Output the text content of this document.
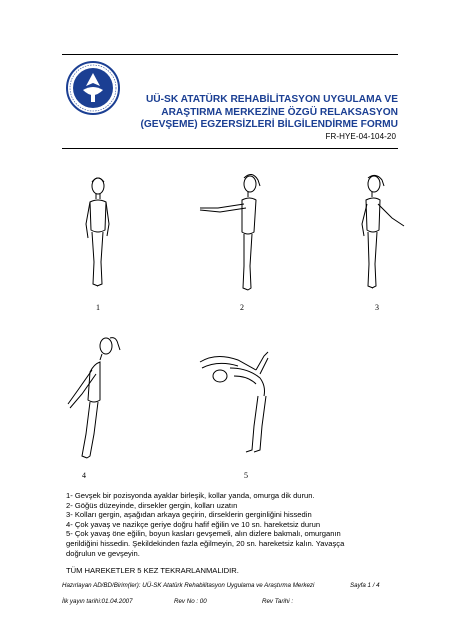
UÜ-SK ATATÜRK REHABİLİTASYON UYGULAMA VE
ARAŞTIRMA MERKEZİNE ÖZGÜ RELAKSASYON
(GEVŞEME) EGZERSİZLERİ BİLGİLENDİRME FORMU
FR-HYE-04-104-20
1	2	3
4	5
1- Gevşek bir pozisyonda ayaklar birleşik, kollar yanda, omurga dik durun.
2- Göğüs düzeyinde, dirsekler gergin, kolları uzatın
3- Kolları gergin, aşağıdan arkaya geçirin, dirseklerin gerginliğini hissedin
4- Çok yavaş ve nazikçe geriye doğru hafif eğilin ve 10 sn. hareketsiz durun
5- Çok yavaş öne eğilin, boyun kasları gevşemeli, alın dizlere bakmalı, omurganın
gerildiğini hissedin. Şekildekinden fazla eğilmeyin, 20 sn. hareketsiz kalın. Yavaşça
doğrulun ve gevşeyin.
TÜM HAREKETLER 5 KEZ TEKRARLANMALIDIR.
Hazırlayan AD/BD/Birim(ler): UÜ-SK Atatürk Rehabilitasyon Uygulama ve Araştırma Merkezi	Sayfa 1 / 4
İlk yayın tarihi:01.04.2007	Rev No : 00	Rev Tarihi :
